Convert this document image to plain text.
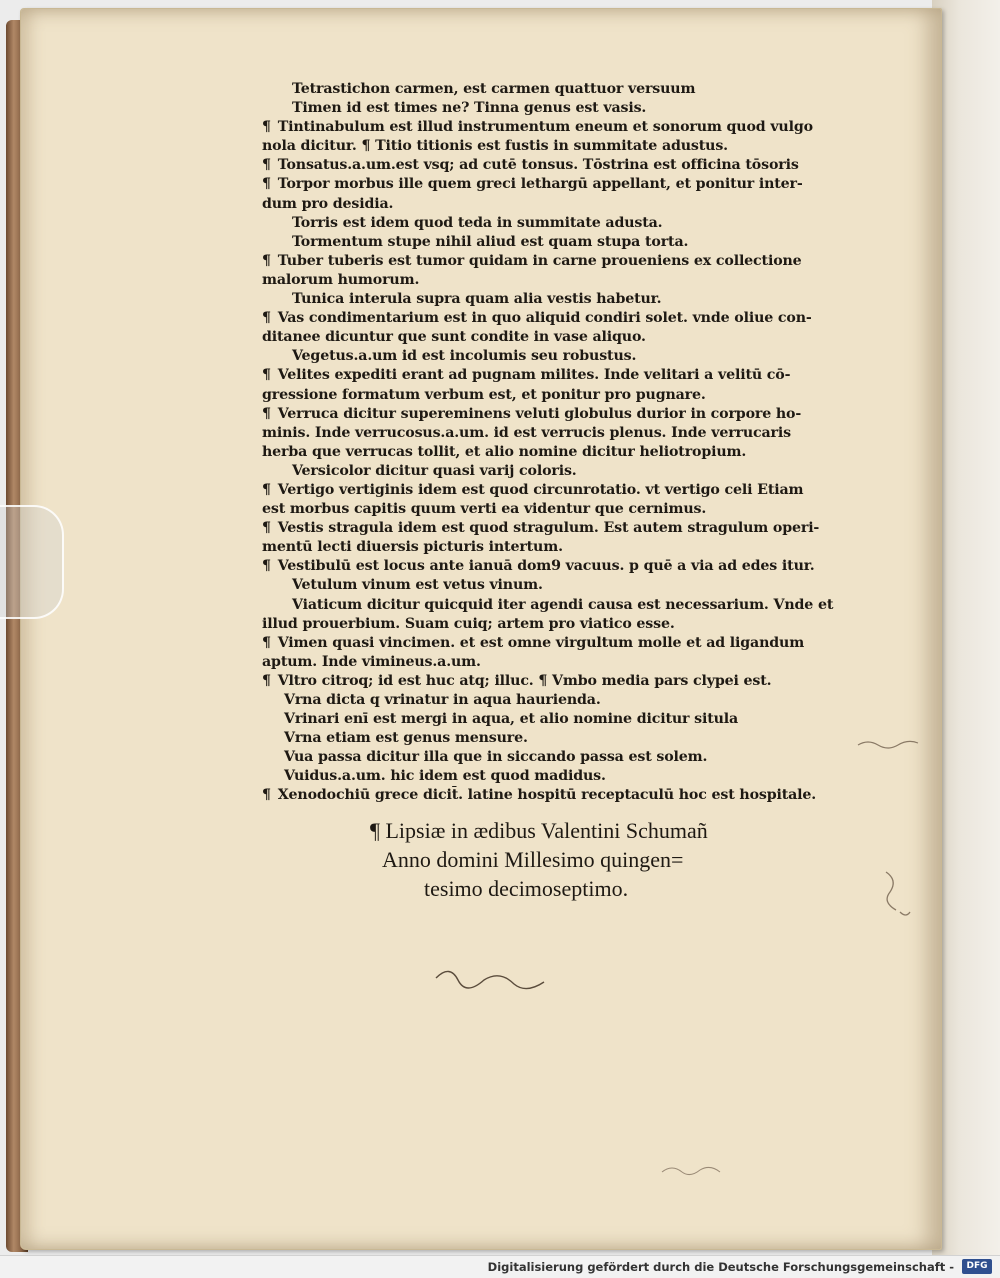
Tetrastichon carmen, est carmen quattuor versuum
Timen id est times ne? Tinna genus est vasis.
¶ Tintinabulum est illud instrumentum eneum et sonorum quod vulgo
nola dicitur. ¶ Titio titionis est fustis in summitate adustus.
¶ Tonsatus.a.um.est vsq; ad cutē tonsus. Tōstrina est officina tōsoris
¶ Torpor morbus ille quem greci lethargū appellant, et ponitur inter-
dum pro desidia.
Torris est idem quod teda in summitate adusta.
Tormentum stupe nihil aliud est quam stupa torta.
¶ Tuber tuberis est tumor quidam in carne proueniens ex collectione
malorum humorum.
Tunica interula supra quam alia vestis habetur.
¶ Vas condimentarium est in quo aliquid condiri solet. vnde oliue con-
ditanee dicuntur que sunt condite in vase aliquo.
Vegetus.a.um id est incolumis seu robustus.
¶ Velites expediti erant ad pugnam milites. Inde velitari a velitū cō-
gressione formatum verbum est, et ponitur pro pugnare.
¶ Verruca dicitur supereminens veluti globulus durior in corpore ho-
minis. Inde verrucosus.a.um. id est verrucis plenus. Inde verrucaris
herba que verrucas tollit, et alio nomine dicitur heliotropium.
Versicolor dicitur quasi varij coloris.
¶ Vertigo vertiginis idem est quod circunrotatio. vt vertigo celi Etiam
est morbus capitis quum verti ea videntur que cernimus.
¶ Vestis stragula idem est quod stragulum. Est autem stragulum operi-
mentū lecti diuersis picturis intertum.
¶ Vestibulū est locus ante ianuā dom9 vacuus. p quē a via ad edes itur.
Vetulum vinum est vetus vinum.
Viaticum dicitur quicquid iter agendi causa est necessarium. Vnde et
illud prouerbium. Suam cuiq; artem pro viatico esse.
¶ Vimen quasi vincimen. et est omne virgultum molle et ad ligandum
aptum. Inde vimineus.a.um.
¶ Vltro citroq; id est huc atq; illuc. ¶ Vmbo media pars clypei est.
Vrna dicta q vrinatur in aqua haurienda.
Vrinari enī est mergi in aqua, et alio nomine dicitur situla
Vrna etiam est genus mensure.
Vua passa dicitur illa que in siccando passa est solem.
Vuidus.a.um. hic idem est quod madidus.
¶ Xenodochiū grece dicit̄. latine hospitū receptaculū hoc est hospitale.
¶ Lipsiæ in ædibus Valentini Schumañ
Anno domini Millesimo quingen=
tesimo decimoseptimo.
Digitalisierung gefördert durch die Deutsche Forschungsgemeinschaft -	DFG
